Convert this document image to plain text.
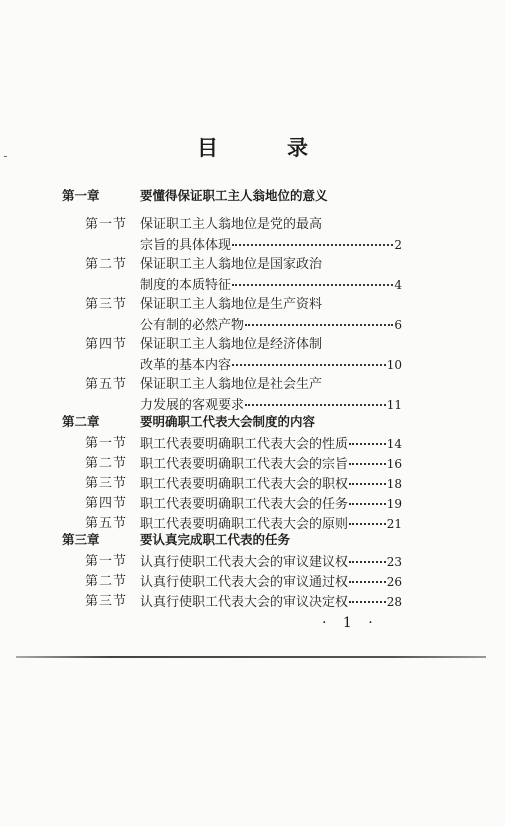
目　录
第一章	要懂得保证职工主人翁地位的意义
第一节 保证职工主人翁地位是党的最高
宗旨的具体体现	2
第二节 保证职工主人翁地位是国家政治
制度的本质特征	4
第三节 保证职工主人翁地位是生产资料
公有制的必然产物	6
第四节 保证职工主人翁地位是经济体制
改革的基本内容	10
第五节 保证职工主人翁地位是社会生产
力发展的客观要求	11
第二章	要明确职工代表大会制度的内容
第一节 职工代表要明确职工代表大会的性质	14
第二节 职工代表要明确职工代表大会的宗旨	16
第三节 职工代表要明确职工代表大会的职权	18
第四节 职工代表要明确职工代表大会的任务	19
第五节 职工代表要明确职工代表大会的原则	21
第三章	要认真完成职工代表的任务
第一节 认真行使职工代表大会的审议建议权	23
第二节 认真行使职工代表大会的审议通过权	26
第三节 认真行使职工代表大会的审议决定权	28
· 1 ·
